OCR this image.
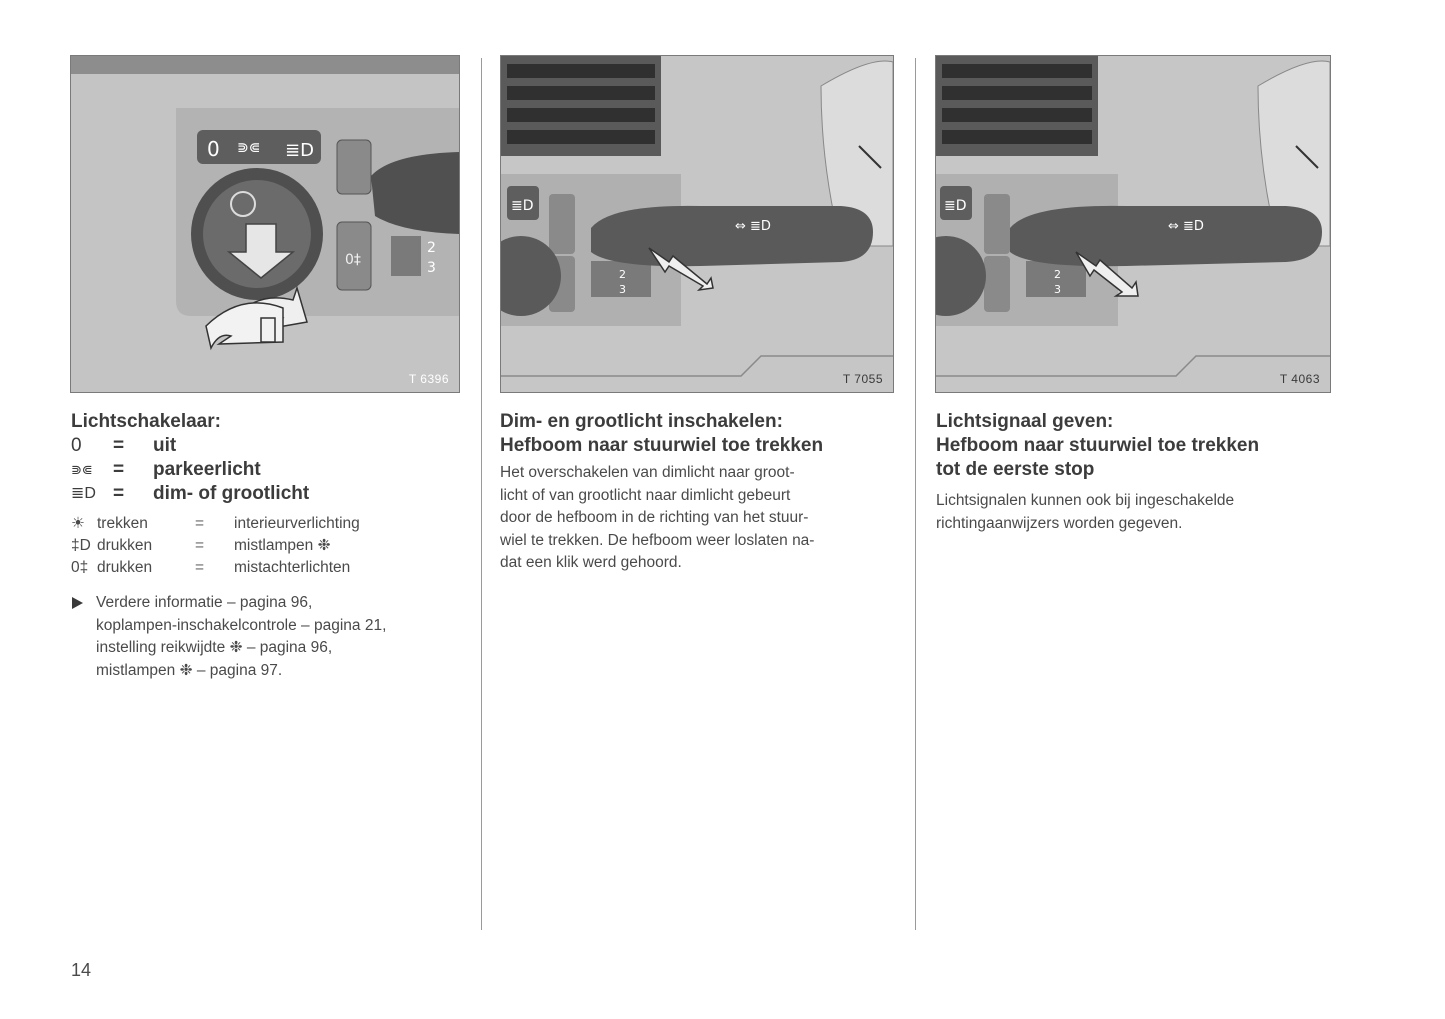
0 ⋑⋐ ≣D
0‡
2
3
T 6396
Lichtschakelaar:
0	= uit
⋑⋐	= parkeerlicht
≣D = dim- of grootlicht
☀ trekken	= interieurverlichting
‡D drukken	= mistlampen ❉
0‡ drukken	= mistachterlichten
Verdere informatie – pagina 96,
koplampen-inschakelcontrole – pagina 21,
instelling reikwijdte ❉ – pagina 96,
mistlampen ❉ – pagina 97.
≣D
2
3
⇔ ≣D
T 7055
Dim- en grootlicht inschakelen:
Hefboom naar stuurwiel toe trekken
Het overschakelen van dimlicht naar groot-
licht of van grootlicht naar dimlicht gebeurt
door de hefboom in de richting van het stuur-
wiel te trekken. De hefboom weer loslaten na-
dat een klik werd gehoord.
≣D
2
3
⇔ ≣D
T 4063
Lichtsignaal geven:
Hefboom naar stuurwiel toe trekken
tot de eerste stop
Lichtsignalen kunnen ook bij ingeschakelde
richtingaanwijzers worden gegeven.
14
